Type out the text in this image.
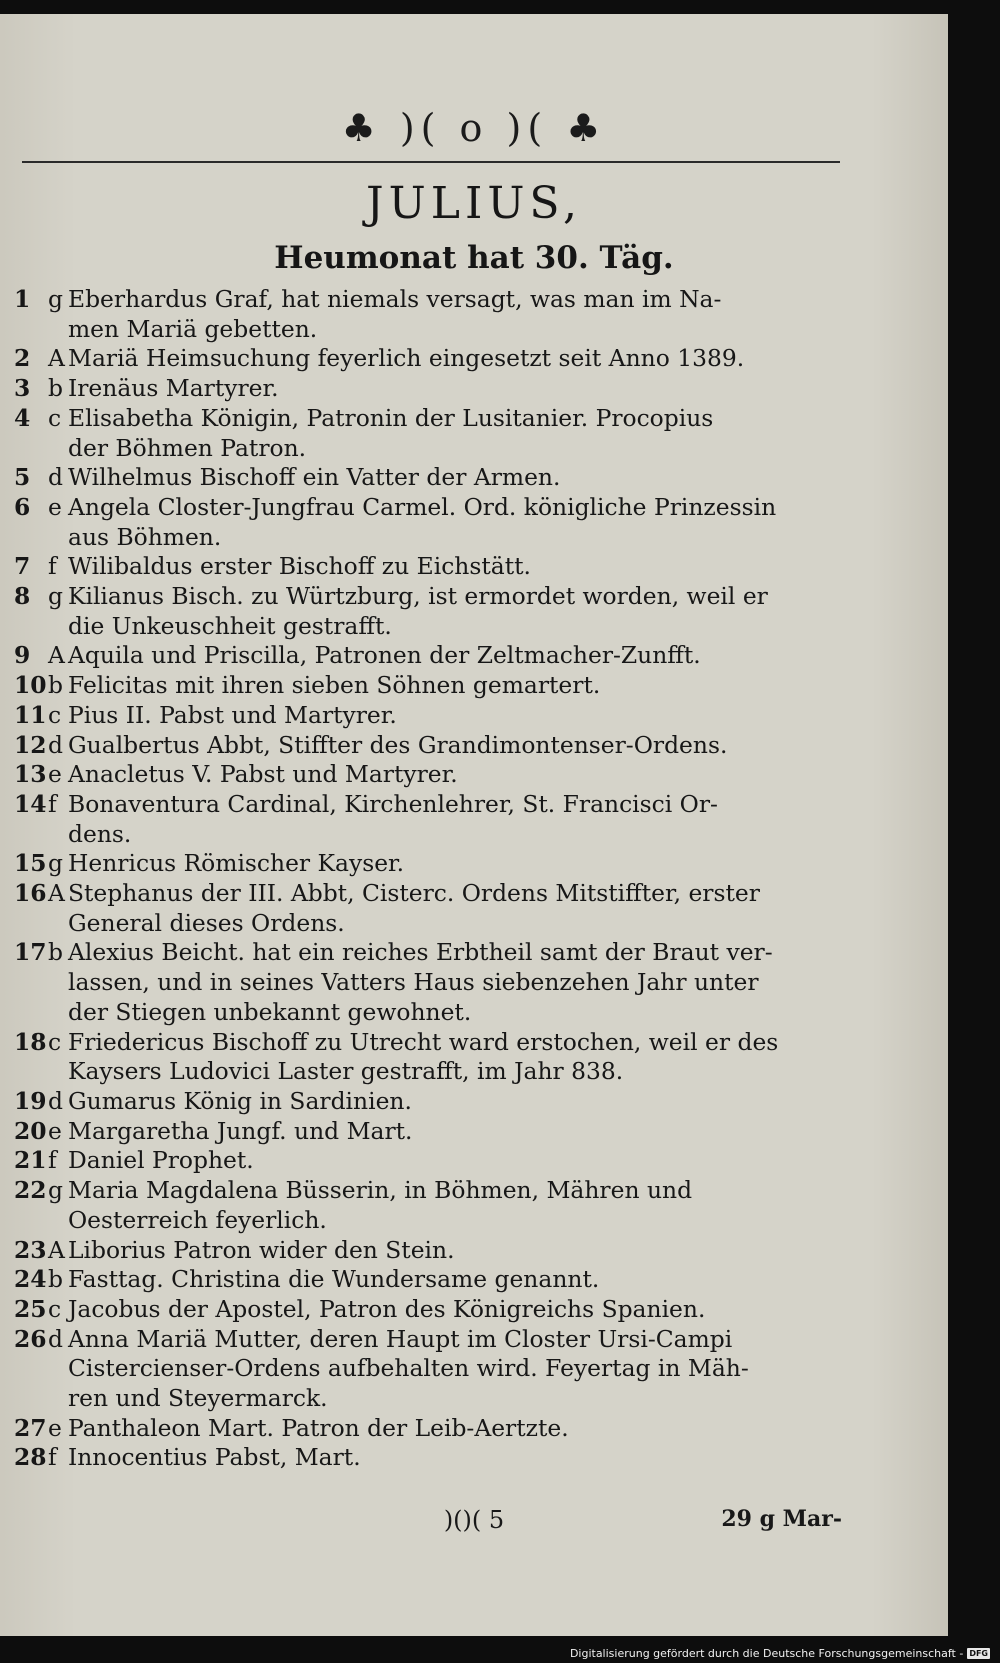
♣ )( o )( ♣
JULIUS,
Heumonat hat 30. Täg.
1 g Eberhardus Graf, hat niemals versagt, was man im Na-
men Mariä gebetten.
2 A Mariä Heimsuchung feyerlich eingesetzt seit Anno 1389.
3 b Irenäus Martyrer.
4 c Elisabetha Königin, Patronin der Lusitanier. Procopius
der Böhmen Patron.
5 d Wilhelmus Bischoff ein Vatter der Armen.
6 e Angela Closter-Jungfrau Carmel. Ord. königliche Prinzessin
aus Böhmen.
7 f Wilibaldus erster Bischoff zu Eichstätt.
8 g Kilianus Bisch. zu Würtzburg, ist ermordet worden, weil er
die Unkeuschheit gestrafft.
9 A Aquila und Priscilla, Patronen der Zeltmacher-Zunfft.
10 b Felicitas mit ihren sieben Söhnen gemartert.
11 c Pius II. Pabst und Martyrer.
12 d Gualbertus Abbt, Stiffter des Grandimontenser-Ordens.
13 e Anacletus V. Pabst und Martyrer.
14 f Bonaventura Cardinal, Kirchenlehrer, St. Francisci Or-
dens.
15 g Henricus Römischer Kayser.
16 A Stephanus der III. Abbt, Cisterc. Ordens Mitstiffter, erster
General dieses Ordens.
17 b Alexius Beicht. hat ein reiches Erbtheil samt der Braut ver-
lassen, und in seines Vatters Haus siebenzehen Jahr unter
der Stiegen unbekannt gewohnet.
18 c Friedericus Bischoff zu Utrecht ward erstochen, weil er des
Kaysers Ludovici Laster gestrafft, im Jahr 838.
19 d Gumarus König in Sardinien.
20 e Margaretha Jungf. und Mart.
21 f Daniel Prophet.
22 g Maria Magdalena Büsserin, in Böhmen, Mähren und
Oesterreich feyerlich.
23 A Liborius Patron wider den Stein.
24 b Fasttag. Christina die Wundersame genannt.
25 c Jacobus der Apostel, Patron des Königreichs Spanien.
26 d Anna Mariä Mutter, deren Haupt im Closter Ursi-Campi
Cistercienser-Ordens aufbehalten wird. Feyertag in Mäh-
ren und Steyermarck.
27 e Panthaleon Mart. Patron der Leib-Aertzte.
28 f Innocentius Pabst, Mart.
)()( 5	29 g Mar-
Digitalisierung gefördert durch die Deutsche Forschungsgemeinschaft - DFG
